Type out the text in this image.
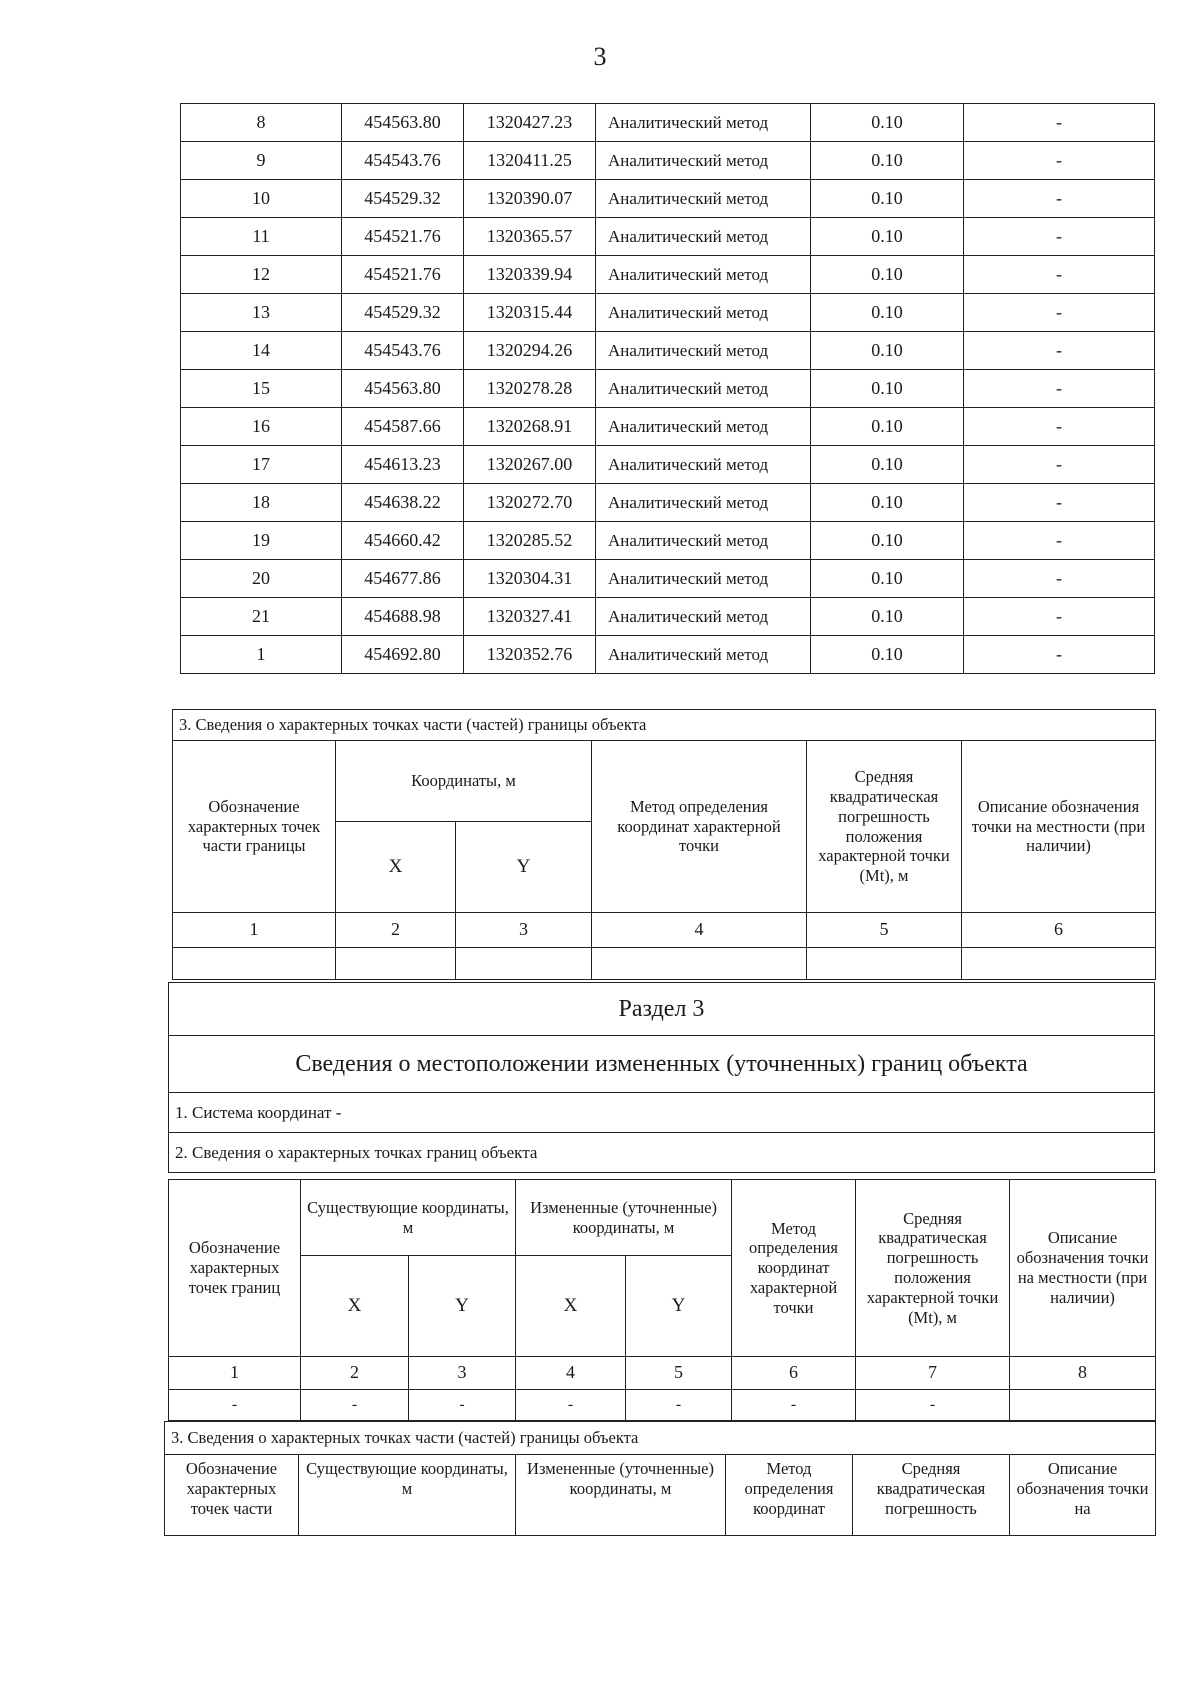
3
8	454563.80	1320427.23	Аналитический метод	0.10	-
9	454543.76	1320411.25	Аналитический метод	0.10	-
10	454529.32	1320390.07	Аналитический метод	0.10	-
11	454521.76	1320365.57	Аналитический метод	0.10	-
12	454521.76	1320339.94	Аналитический метод	0.10	-
13	454529.32	1320315.44	Аналитический метод	0.10	-
14	454543.76	1320294.26	Аналитический метод	0.10	-
15	454563.80	1320278.28	Аналитический метод	0.10	-
16	454587.66	1320268.91	Аналитический метод	0.10	-
17	454613.23	1320267.00	Аналитический метод	0.10	-
18	454638.22	1320272.70	Аналитический метод	0.10	-
19	454660.42	1320285.52	Аналитический метод	0.10	-
20	454677.86	1320304.31	Аналитический метод	0.10	-
21	454688.98	1320327.41	Аналитический метод	0.10	-
1	454692.80	1320352.76	Аналитический метод	0.10	-
3. Сведения о характерных точках части (частей) границы объекта					
Обозначение характерных точек части границы	Координаты, м		Метод определения координат характерной точки	Средняя квадратическая погрешность положения характерной точки (Mt), м	Описание обозначения точки на местности (при наличии)
	X	Y			
1	2	3	4	5	6

Раздел 3
Сведения о местоположении измененных (уточненных) границ объекта
1. Система координат -
2. Сведения о характерных точках границ объекта
Обозначение характерных точек границ	Существующие координаты, м		Измененные (уточненные) координаты, м		Метод определения координат характерной точки	Средняя квадратическая погрешность положения характерной точки (Mt), м	Описание обозначения точки на местности (при наличии)
	X	Y	X	Y			
1	2	3	4	5	6	7	8
-	-	-	-	-	-	-	
3. Сведения о характерных точках части (частей) границы объекта
Обозначение характерных точек части	Существующие координаты, м	Измененные (уточненные) координаты, м	Метод определения координат	Средняя квадратическая погрешность	Описание обозначения точки на
